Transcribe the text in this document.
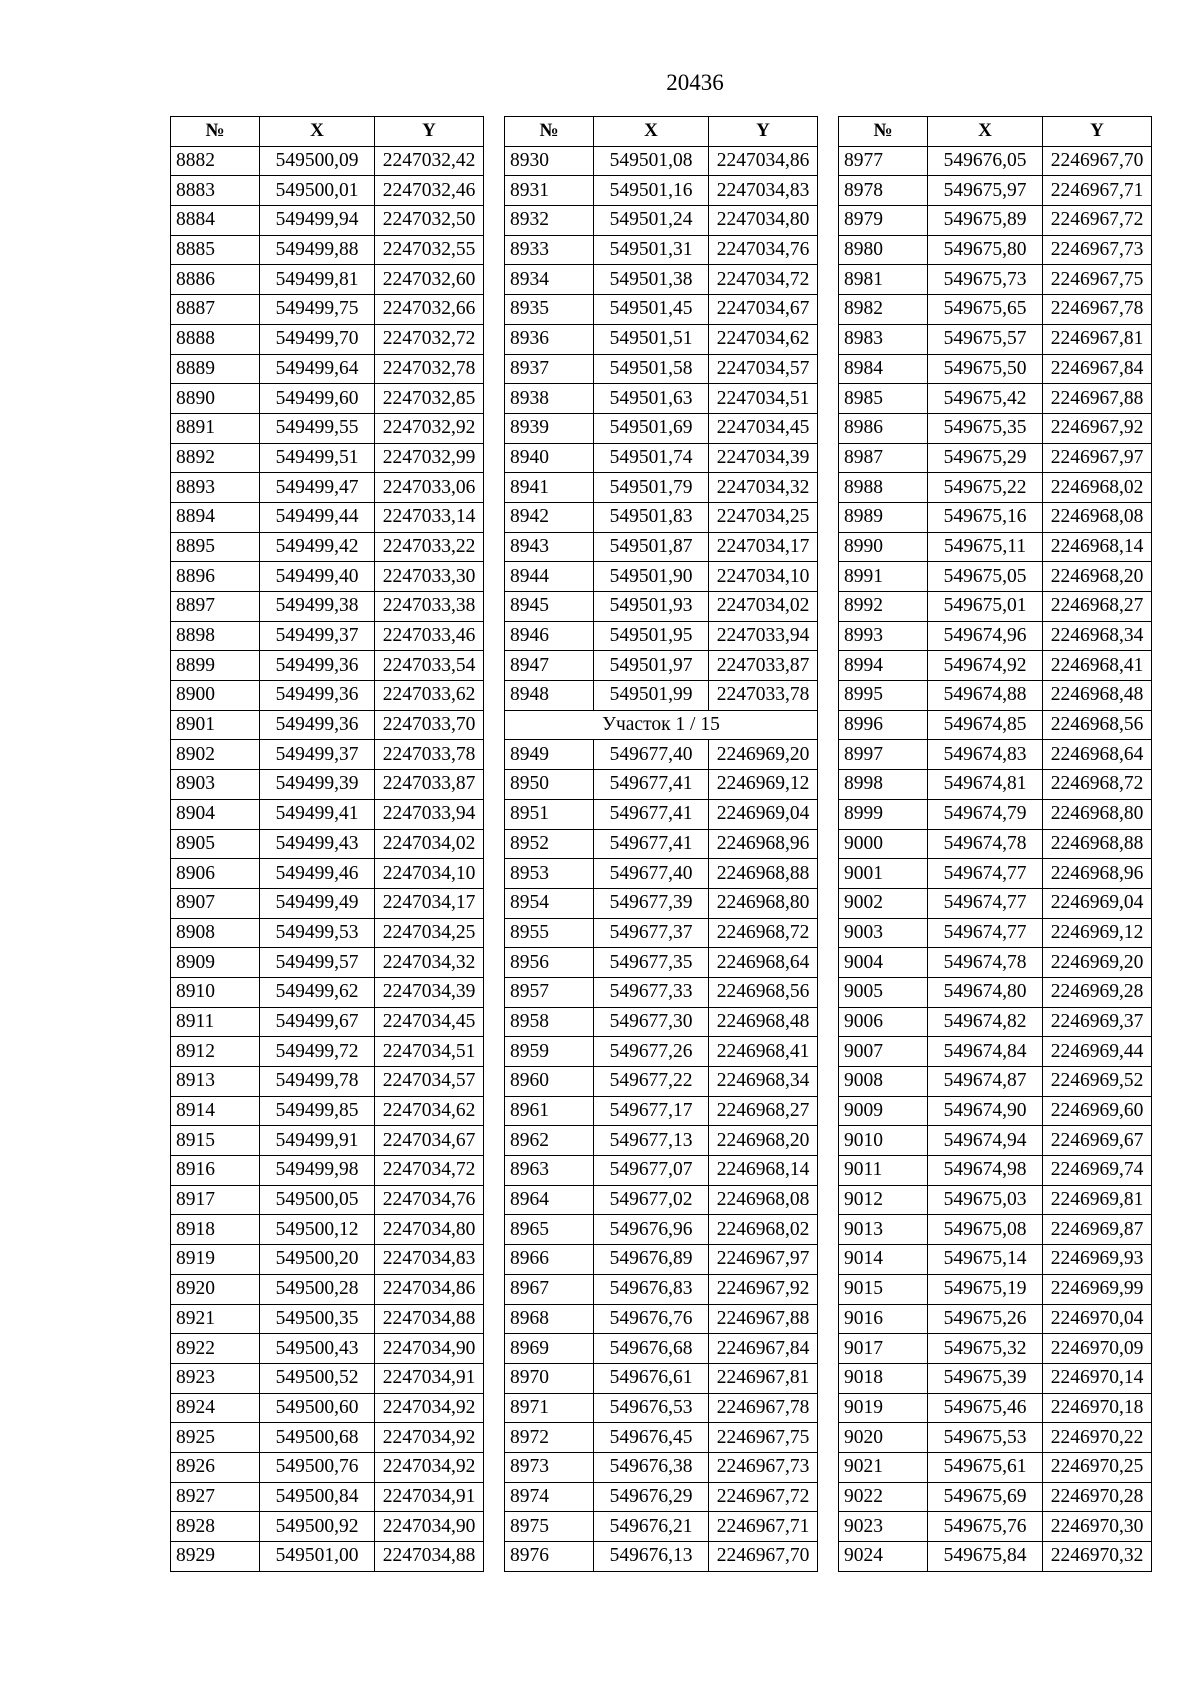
20436
№	X	Y
8882	549500,09	2247032,42
8883	549500,01	2247032,46
8884	549499,94	2247032,50
8885	549499,88	2247032,55
8886	549499,81	2247032,60
8887	549499,75	2247032,66
8888	549499,70	2247032,72
8889	549499,64	2247032,78
8890	549499,60	2247032,85
8891	549499,55	2247032,92
8892	549499,51	2247032,99
8893	549499,47	2247033,06
8894	549499,44	2247033,14
8895	549499,42	2247033,22
8896	549499,40	2247033,30
8897	549499,38	2247033,38
8898	549499,37	2247033,46
8899	549499,36	2247033,54
8900	549499,36	2247033,62
8901	549499,36	2247033,70
8902	549499,37	2247033,78
8903	549499,39	2247033,87
8904	549499,41	2247033,94
8905	549499,43	2247034,02
8906	549499,46	2247034,10
8907	549499,49	2247034,17
8908	549499,53	2247034,25
8909	549499,57	2247034,32
8910	549499,62	2247034,39
8911	549499,67	2247034,45
8912	549499,72	2247034,51
8913	549499,78	2247034,57
8914	549499,85	2247034,62
8915	549499,91	2247034,67
8916	549499,98	2247034,72
8917	549500,05	2247034,76
8918	549500,12	2247034,80
8919	549500,20	2247034,83
8920	549500,28	2247034,86
8921	549500,35	2247034,88
8922	549500,43	2247034,90
8923	549500,52	2247034,91
8924	549500,60	2247034,92
8925	549500,68	2247034,92
8926	549500,76	2247034,92
8927	549500,84	2247034,91
8928	549500,92	2247034,90
8929	549501,00	2247034,88
№	X	Y
8930	549501,08	2247034,86
8931	549501,16	2247034,83
8932	549501,24	2247034,80
8933	549501,31	2247034,76
8934	549501,38	2247034,72
8935	549501,45	2247034,67
8936	549501,51	2247034,62
8937	549501,58	2247034,57
8938	549501,63	2247034,51
8939	549501,69	2247034,45
8940	549501,74	2247034,39
8941	549501,79	2247034,32
8942	549501,83	2247034,25
8943	549501,87	2247034,17
8944	549501,90	2247034,10
8945	549501,93	2247034,02
8946	549501,95	2247033,94
8947	549501,97	2247033,87
8948	549501,99	2247033,78
Участок 1 / 15		
8949	549677,40	2246969,20
8950	549677,41	2246969,12
8951	549677,41	2246969,04
8952	549677,41	2246968,96
8953	549677,40	2246968,88
8954	549677,39	2246968,80
8955	549677,37	2246968,72
8956	549677,35	2246968,64
8957	549677,33	2246968,56
8958	549677,30	2246968,48
8959	549677,26	2246968,41
8960	549677,22	2246968,34
8961	549677,17	2246968,27
8962	549677,13	2246968,20
8963	549677,07	2246968,14
8964	549677,02	2246968,08
8965	549676,96	2246968,02
8966	549676,89	2246967,97
8967	549676,83	2246967,92
8968	549676,76	2246967,88
8969	549676,68	2246967,84
8970	549676,61	2246967,81
8971	549676,53	2246967,78
8972	549676,45	2246967,75
8973	549676,38	2246967,73
8974	549676,29	2246967,72
8975	549676,21	2246967,71
8976	549676,13	2246967,70
№	X	Y
8977	549676,05	2246967,70
8978	549675,97	2246967,71
8979	549675,89	2246967,72
8980	549675,80	2246967,73
8981	549675,73	2246967,75
8982	549675,65	2246967,78
8983	549675,57	2246967,81
8984	549675,50	2246967,84
8985	549675,42	2246967,88
8986	549675,35	2246967,92
8987	549675,29	2246967,97
8988	549675,22	2246968,02
8989	549675,16	2246968,08
8990	549675,11	2246968,14
8991	549675,05	2246968,20
8992	549675,01	2246968,27
8993	549674,96	2246968,34
8994	549674,92	2246968,41
8995	549674,88	2246968,48
8996	549674,85	2246968,56
8997	549674,83	2246968,64
8998	549674,81	2246968,72
8999	549674,79	2246968,80
9000	549674,78	2246968,88
9001	549674,77	2246968,96
9002	549674,77	2246969,04
9003	549674,77	2246969,12
9004	549674,78	2246969,20
9005	549674,80	2246969,28
9006	549674,82	2246969,37
9007	549674,84	2246969,44
9008	549674,87	2246969,52
9009	549674,90	2246969,60
9010	549674,94	2246969,67
9011	549674,98	2246969,74
9012	549675,03	2246969,81
9013	549675,08	2246969,87
9014	549675,14	2246969,93
9015	549675,19	2246969,99
9016	549675,26	2246970,04
9017	549675,32	2246970,09
9018	549675,39	2246970,14
9019	549675,46	2246970,18
9020	549675,53	2246970,22
9021	549675,61	2246970,25
9022	549675,69	2246970,28
9023	549675,76	2246970,30
9024	549675,84	2246970,32
